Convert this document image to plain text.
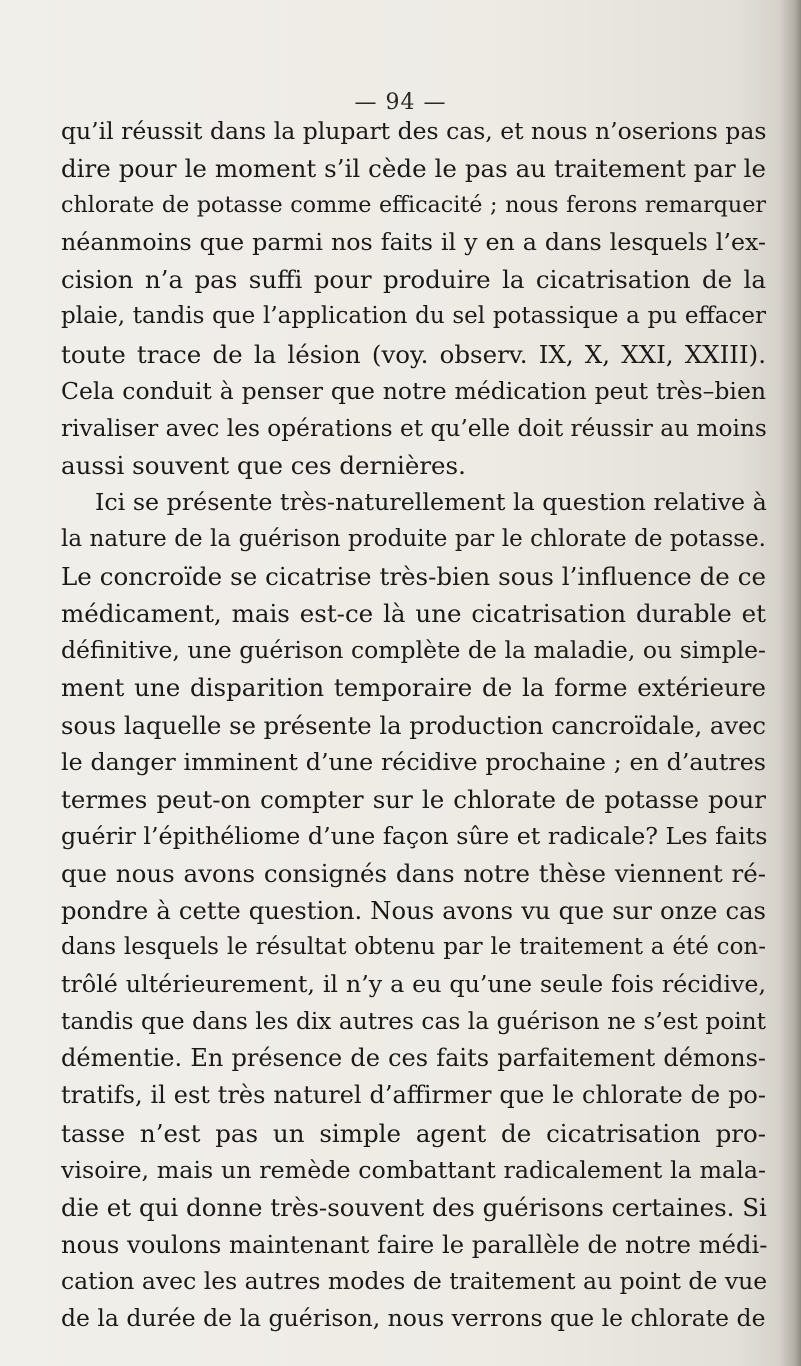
— 94 —
qu’il réussit dans la plupart des cas, et nous n’oserions pas
dire pour le moment s’il cède le pas au traitement par le
chlorate de potasse comme efficacité ; nous ferons remarquer
néanmoins que parmi nos faits il y en a dans lesquels l’ex-
cision n’a pas suffi pour produire la cicatrisation de la
plaie, tandis que l’application du sel potassique a pu effacer
toute trace de la lésion (voy. observ. IX, X, XXI, XXIII).
Cela conduit à penser que notre médication peut très–bien
rivaliser avec les opérations et qu’elle doit réussir au moins
aussi souvent que ces dernières.
Ici se présente très-naturellement la question relative à
la nature de la guérison produite par le chlorate de potasse.
Le concroïde se cicatrise très-bien sous l’influence de ce
médicament, mais est-ce là une cicatrisation durable et
définitive, une guérison complète de la maladie, ou simple-
ment une disparition temporaire de la forme extérieure
sous laquelle se présente la production cancroïdale, avec
le danger imminent d’une récidive prochaine ; en d’autres
termes peut-on compter sur le chlorate de potasse pour
guérir l’épithéliome d’une façon sûre et radicale? Les faits
que nous avons consignés dans notre thèse viennent ré-
pondre à cette question. Nous avons vu que sur onze cas
dans lesquels le résultat obtenu par le traitement a été con-
trôlé ultérieurement, il n’y a eu qu’une seule fois récidive,
tandis que dans les dix autres cas la guérison ne s’est point
démentie. En présence de ces faits parfaitement démons-
tratifs, il est très naturel d’affirmer que le chlorate de po-
tasse n’est pas un simple agent de cicatrisation pro-
visoire, mais un remède combattant radicalement la mala-
die et qui donne très-souvent des guérisons certaines. Si
nous voulons maintenant faire le parallèle de notre médi-
cation avec les autres modes de traitement au point de vue
de la durée de la guérison, nous verrons que le chlorate de
